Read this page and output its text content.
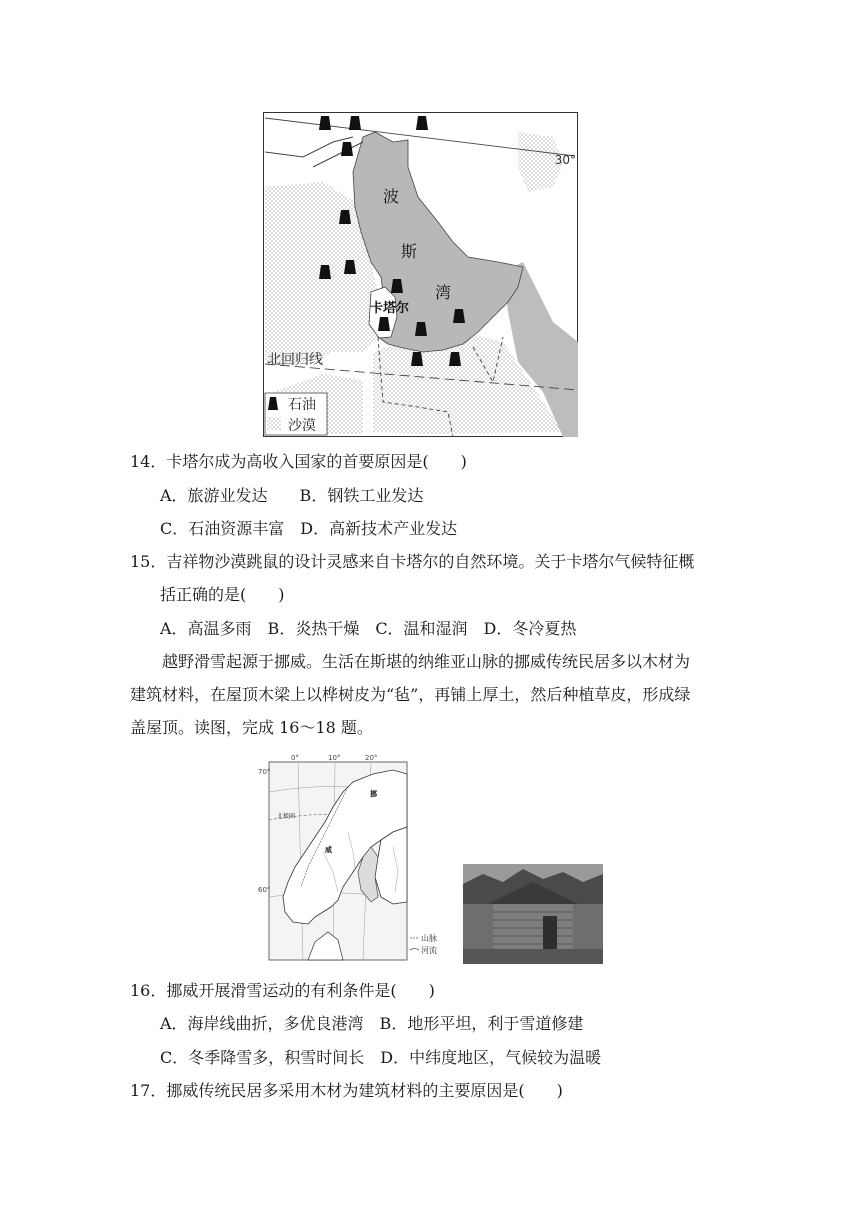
30°
北回归线
波
斯
湾
卡塔尔
石油
沙漠
14．卡塔尔成为高收入国家的首要原因是(　　)
A．旅游业发达　　B．钢铁工业发达
C．石油资源丰富　D．高新技术产业发达
15．吉祥物沙漠跳鼠的设计灵感来自卡塔尔的自然环境。关于卡塔尔气候特征概
括正确的是(　　)
A．高温多雨　B．炎热干燥　C．温和湿润　D．冬冷夏热
越野滑雪起源于挪威。生活在斯堪的纳维亚山脉的挪威传统民居多以木材为
建筑材料，在屋顶木梁上以桦树皮为“毡”，再铺上厚土，然后种植草皮，形成绿
盖屋顶。读图，完成 16～18 题。
0°	10°	20°
70°
60°
北极圈
挪
威
山脉
河流
16．挪威开展滑雪运动的有利条件是(　　)
A．海岸线曲折，多优良港湾　B．地形平坦，利于雪道修建
C．冬季降雪多，积雪时间长　D．中纬度地区，气候较为温暖
17．挪威传统民居多采用木材为建筑材料的主要原因是(　　)
